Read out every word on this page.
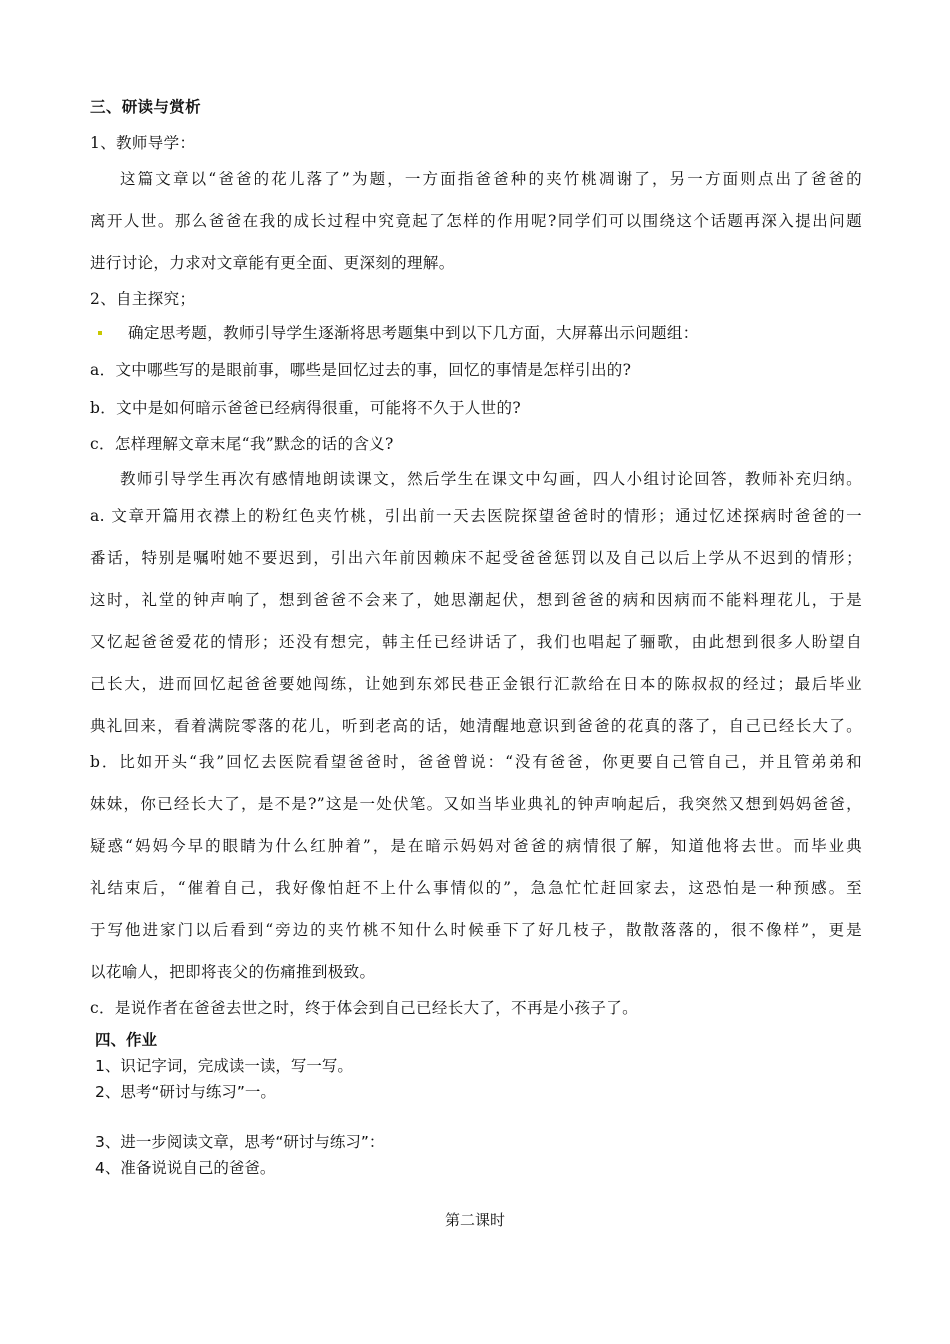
三、研读与赏析
1、教师导学：
这篇文章以“爸爸的花儿落了”为题，一方面指爸爸种的夹竹桃凋谢了，另一方面则点出了爸爸的
离开人世。那么爸爸在我的成长过程中究竟起了怎样的作用呢?同学们可以围绕这个话题再深入提出问题
进行讨论，力求对文章能有更全面、更深刻的理解。
2、自主探究；
确定思考题，教师引导学生逐渐将思考题集中到以下几方面，大屏幕出示问题组：
a．文中哪些写的是眼前事，哪些是回忆过去的事，回忆的事情是怎样引出的?
b．文中是如何暗示爸爸已经病得很重，可能将不久于人世的?
c．怎样理解文章末尾“我”默念的话的含义?
教师引导学生再次有感情地朗读课文，然后学生在课文中勾画，四人小组讨论回答，教师补充归纳。
a. 文章开篇用衣襟上的粉红色夹竹桃，引出前一天去医院探望爸爸时的情形；通过忆述探病时爸爸的一
番话，特别是嘱咐她不要迟到，引出六年前因赖床不起受爸爸惩罚以及自己以后上学从不迟到的情形；
这时，礼堂的钟声响了，想到爸爸不会来了，她思潮起伏，想到爸爸的病和因病而不能料理花儿，于是
又忆起爸爸爱花的情形；还没有想完，韩主任已经讲话了，我们也唱起了骊歌，由此想到很多人盼望自
己长大，进而回忆起爸爸要她闯练，让她到东郊民巷正金银行汇款给在日本的陈叔叔的经过；最后毕业
典礼回来，看着满院零落的花儿，听到老高的话，她清醒地意识到爸爸的花真的落了，自己已经长大了。
b．比如开头“我”回忆去医院看望爸爸时，爸爸曾说：“没有爸爸，你更要自己管自己，并且管弟弟和
妹妹，你已经长大了，是不是?”这是一处伏笔。又如当毕业典礼的钟声响起后，我突然又想到妈妈爸爸，
疑惑“妈妈今早的眼睛为什么红肿着”，是在暗示妈妈对爸爸的病情很了解，知道他将去世。而毕业典
礼结束后，“催着自己，我好像怕赶不上什么事情似的”，急急忙忙赶回家去，这恐怕是一种预感。至
于写他进家门以后看到“旁边的夹竹桃不知什么时候垂下了好几枝子，散散落落的，很不像样”，更是
以花喻人，把即将丧父的伤痛推到极致。
c．是说作者在爸爸去世之时，终于体会到自己已经长大了，不再是小孩子了。
四、作业
1、识记字词，完成读一读，写一写。
2、思考“研讨与练习”一。
3、进一步阅读文章，思考“研讨与练习”：
4、准备说说自己的爸爸。
第二课时
